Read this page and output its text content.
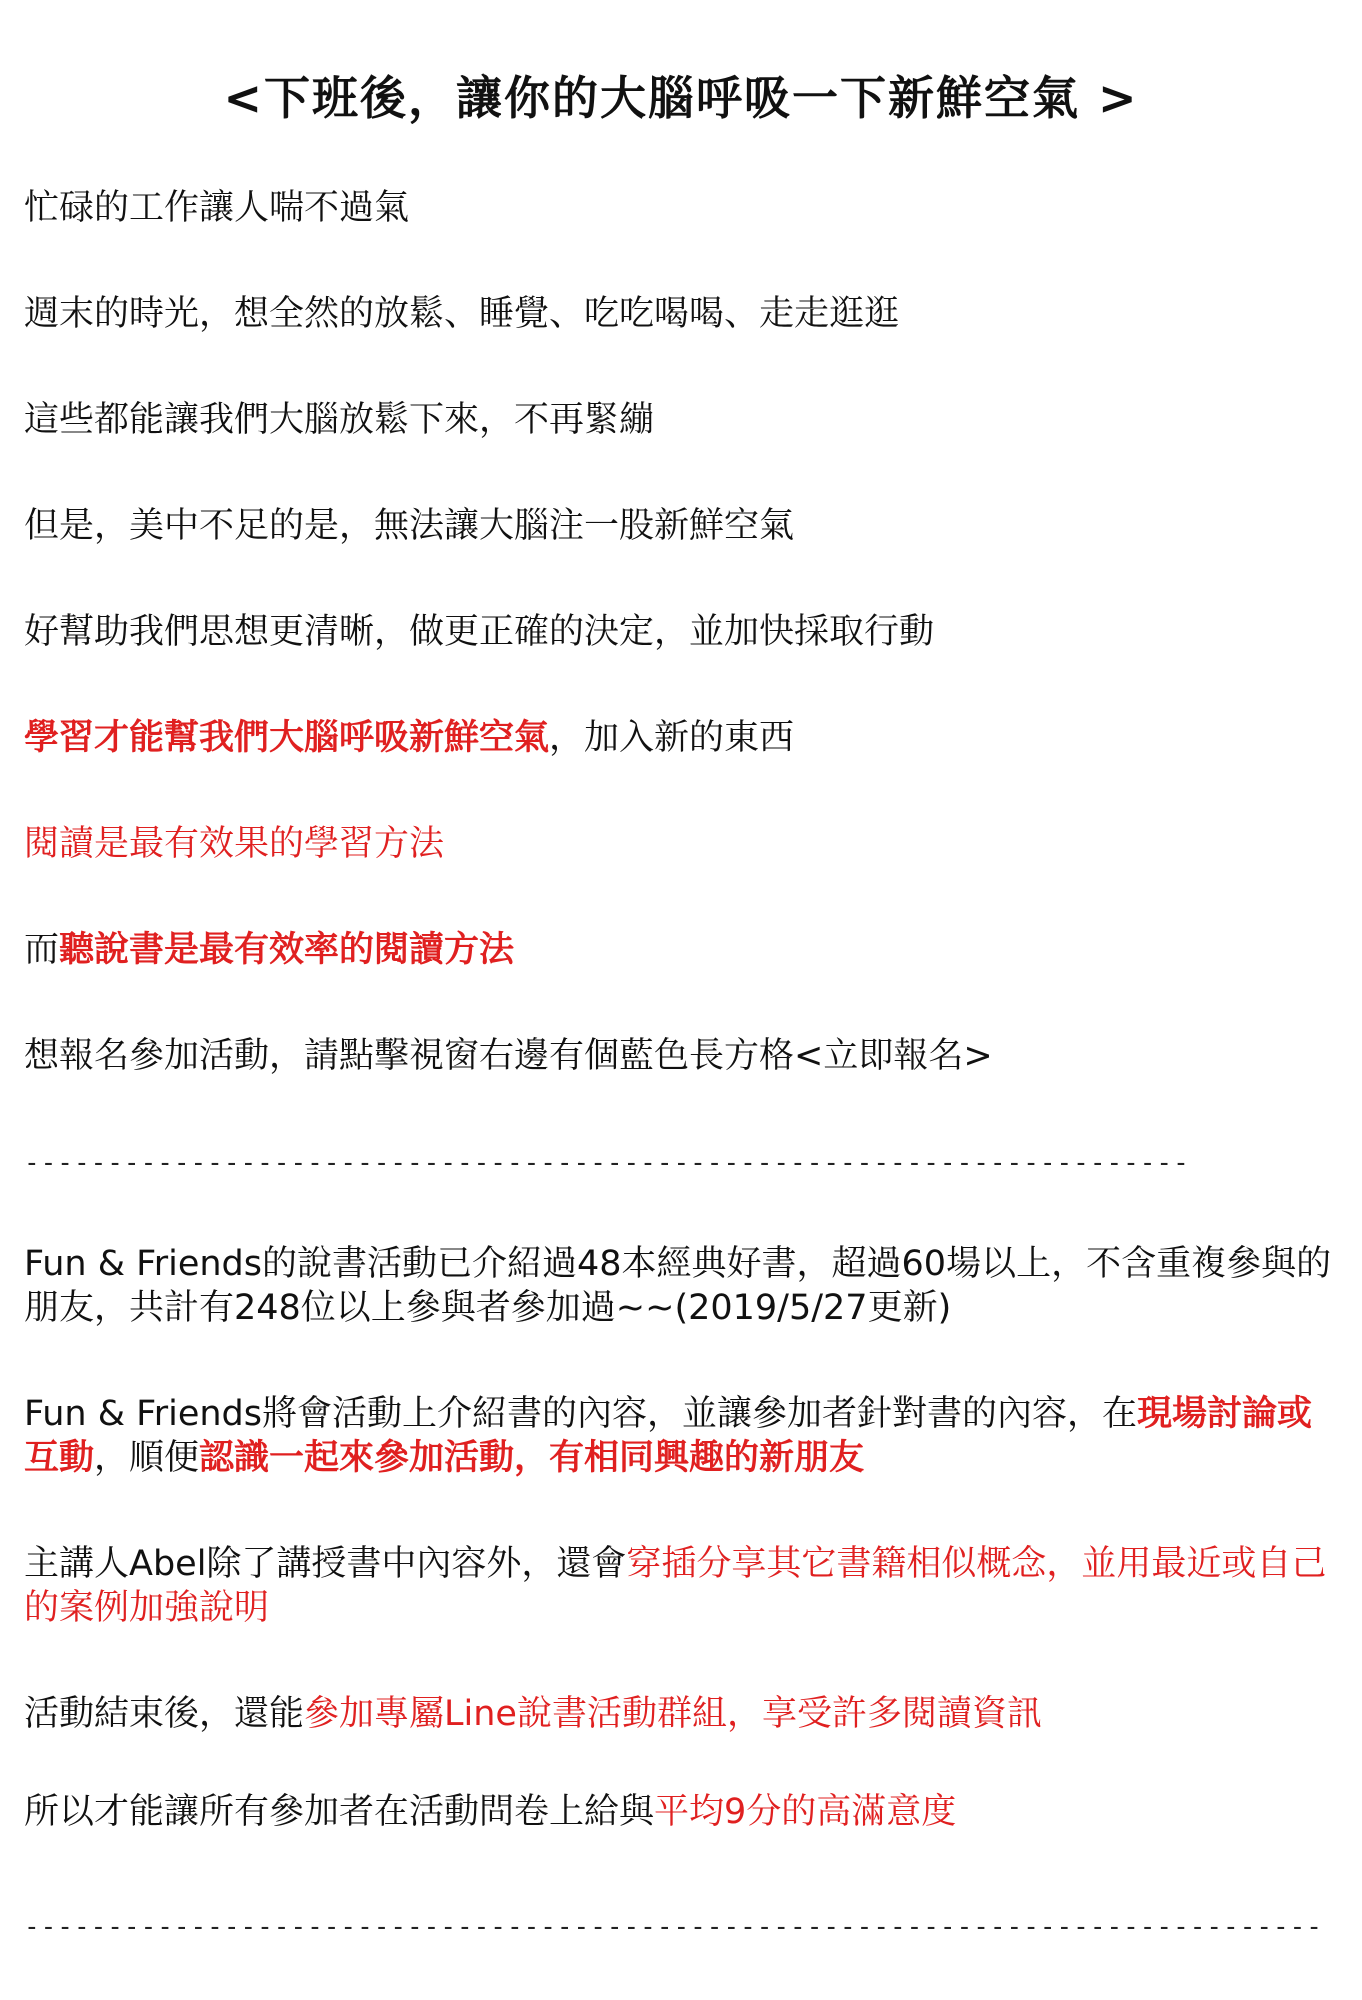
<下班後，讓你的大腦呼吸一下新鮮空氣 >

忙碌的工作讓人喘不過氣

週末的時光，想全然的放鬆、睡覺、吃吃喝喝、走走逛逛

這些都能讓我們大腦放鬆下來，不再緊繃

但是，美中不足的是，無法讓大腦注一股新鮮空氣

好幫助我們思想更清晰，做更正確的決定，並加快採取行動

學習才能幫我們大腦呼吸新鮮空氣，加入新的東西

閱讀是最有效果的學習方法

而聽說書是最有效率的閱讀方法

想報名參加活動，請點擊視窗右邊有個藍色長方格<立即報名>

----------------------------------------------------------------------

Fun & Friends的說書活動已介紹過48本經典好書，超過60場以上，不含重複參與的朋友，共計有248位以上參與者參加過~~(2019/5/27更新)

Fun & Friends將會活動上介紹書的內容，並讓參加者針對書的內容，在現場討論或互動，順便認識一起來參加活動，有相同興趣的新朋友

主講人Abel除了講授書中內容外，還會穿插分享其它書籍相似概念，並用最近或自己的案例加強說明

活動結束後，還能參加專屬Line說書活動群組，享受許多閱讀資訊

所以才能讓所有參加者在活動問卷上給與平均9分的高滿意度

------------------------------------------------------------------------------
